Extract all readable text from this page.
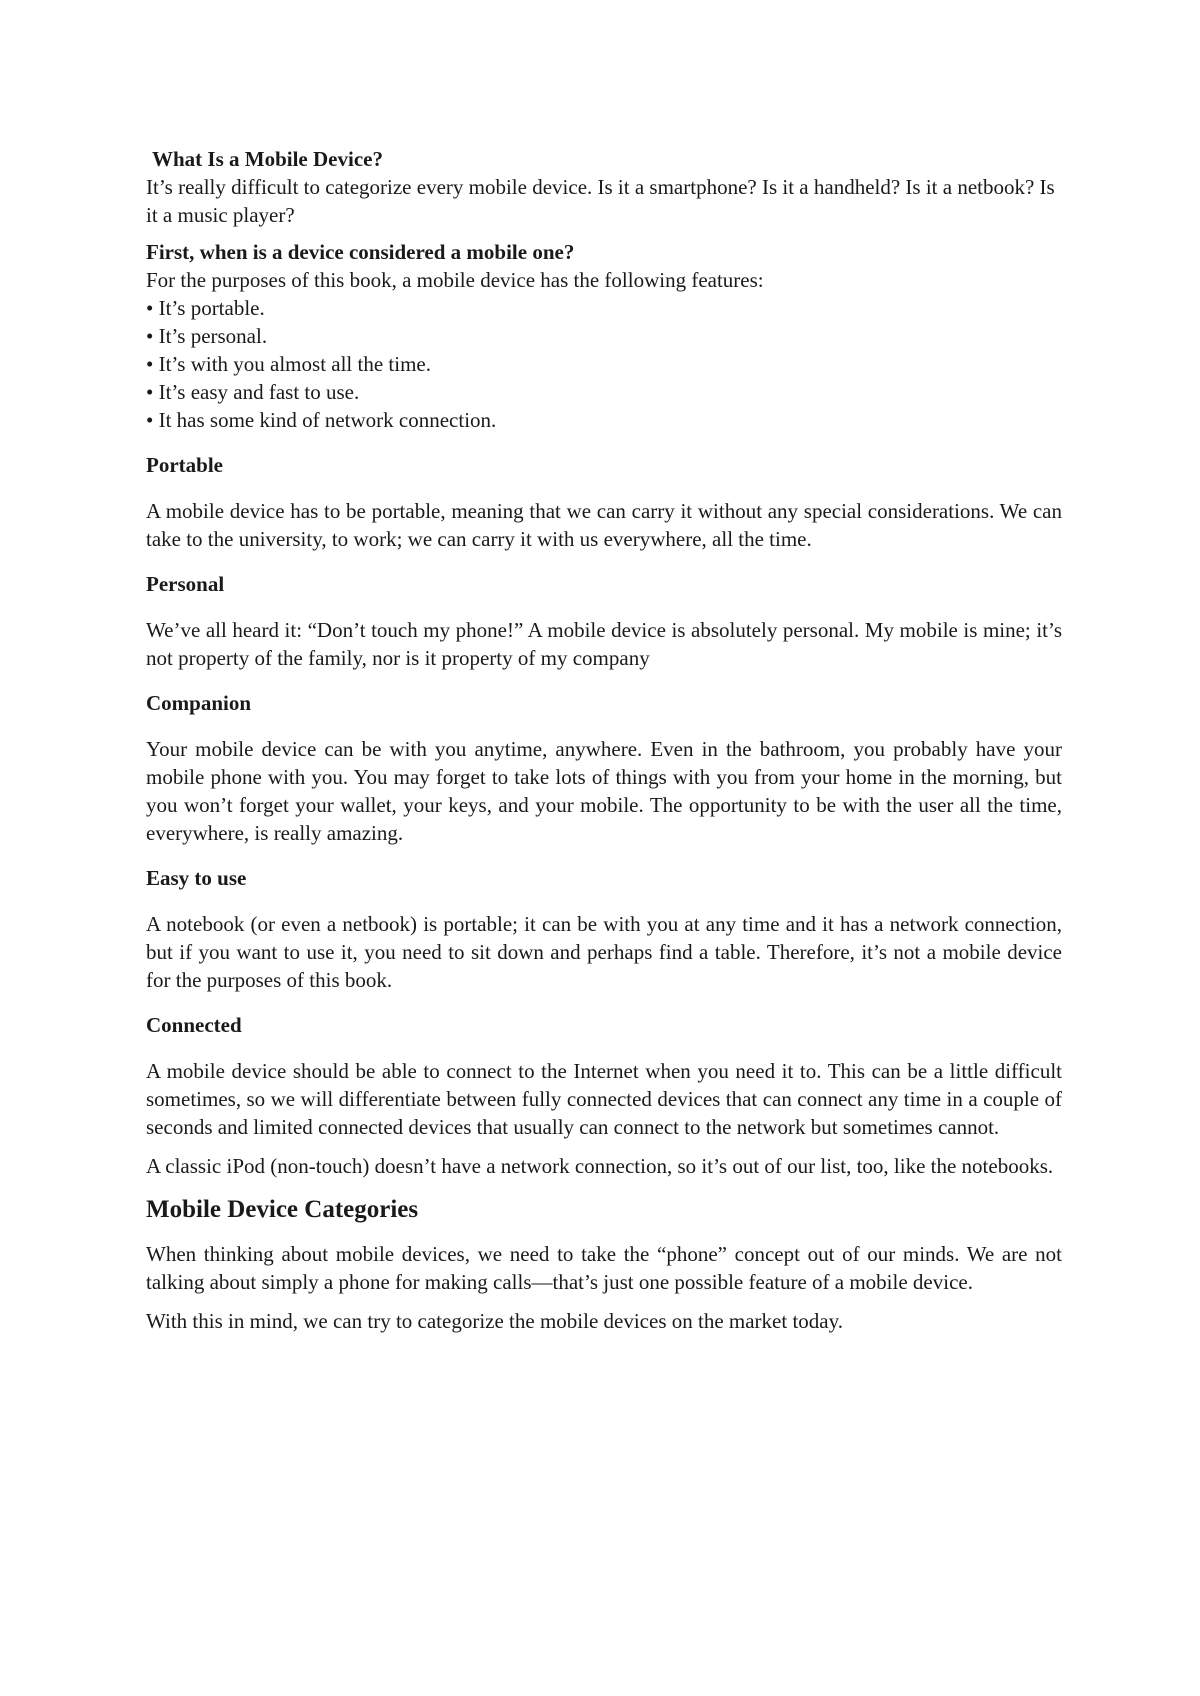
What Is a Mobile Device?

It’s really difficult to categorize every mobile device. Is it a smartphone? Is it a handheld? Is it a netbook? Is it a music player?

First, when is a device considered a mobile one?

For the purposes of this book, a mobile device has the following features:

• It’s portable.
• It’s personal.
• It’s with you almost all the time.
• It’s easy and fast to use.
• It has some kind of network connection.

Portable

A mobile device has to be portable, meaning that we can carry it without any special considerations. We can take to the university, to work; we can carry it with us everywhere, all the time.

Personal

We’ve all heard it: “Don’t touch my phone!” A mobile device is absolutely personal. My mobile is mine; it’s not property of the family, nor is it property of my company

Companion

Your mobile device can be with you anytime, anywhere. Even in the bathroom, you probably have your mobile phone with you. You may forget to take lots of things with you from your home in the morning, but you won’t forget your wallet, your keys, and your mobile. The opportunity to be with the user all the time, everywhere, is really amazing.

Easy to use

A notebook (or even a netbook) is portable; it can be with you at any time and it has a network connection, but if you want to use it, you need to sit down and perhaps find a table. Therefore, it’s not a mobile device for the purposes of this book.

Connected

A mobile device should be able to connect to the Internet when you need it to. This can be a little difficult sometimes, so we will differentiate between fully connected devices that can connect any time in a couple of seconds and limited connected devices that usually can connect to the network but sometimes cannot.

A classic iPod (non-touch) doesn’t have a network connection, so it’s out of our list, too, like the notebooks.

Mobile Device Categories

When thinking about mobile devices, we need to take the “phone” concept out of our minds. We are not talking about simply a phone for making calls—that’s just one possible feature of a mobile device.

With this in mind, we can try to categorize the mobile devices on the market today.
